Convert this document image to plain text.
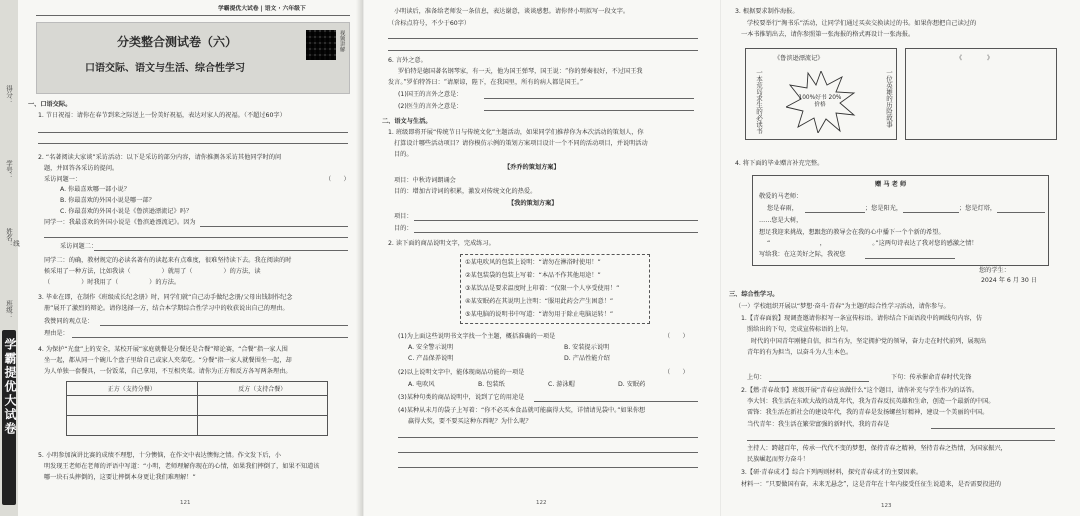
得分：
学号：
姓名：
班级：
线
学霸提优大试卷
学霸提优大试卷 | 语文 · 六年级下
分类整合测试卷（六）
口语交际、语文与生活、综合性学习
视频讲解
一、口语交际。
1. 节日祝福：请你在春节到来之际送上一份美好祝福，表达对家人的祝福。（不超过60字）
2. “名著阅读大家谈”采访活动：以下是采访的部分内容，请你推测各采访其他同学时的问
题，并回答各采访的提问。
采访问题一：	（　　）
A. 你最喜欢哪一部小说？
B. 你最喜欢的外国小说是哪一部？
C. 你最喜欢的外国小说是《鲁滨逊漂流记》吗？
同学一：我最喜欢的外国小说是《鲁滨逊漂流记》。因为
采访问题二：
同学二：的确，教材规定的必读名著有的读起来有点难度，很难坚持读下去。我在阅读的时
候采用了一种方法，比如我读（　　　　　）就用了（　　　　　）的方法，读
（　　　　　）时我用了（　　　　　）的方法。
3. 毕业在即，在制作《班级成长纪念册》时，同学们就“自己动手做纪念册/父母出钱制作纪念
册”展开了激烈的辩论。请你选择一方，结合本学期综合性学习中的收获说出自己的理由。
我赞同的观点是：
理由是：
4. 为保护“光盘”上的安全，某校开展“家庭就餐是分餐还是合餐”辩论赛，“合餐”指一家人围
坐一起，都从同一个碗儿个盘子里给自己或家人夹菜吃。“分餐”指一家人就餐围坐一起，却
为人单独一套餐具，一份饭菜，自己拿用，不互相夹菜。请你为正方和反方各写两条理由。
正方（支持分餐）	反方（支持合餐）

5. 小明参加演讲比赛的成绩不理想，十分懊恼，在作文中表达懊悔之情。作文发下后，小
明发现王老师在老师的评语中写道：“小明，老师理解你现在的心情，如果我们摔倒了，如果不知道该
哪一块石头摔倒的，这要让摔倒本身更让我们难理解！”
121
小明读后，准备给老师发一条信息，表达谢意，谈谈感想。请你替小明拟写一段文字。
（含标点符号，不少于60字）
6. 言外之意。
罗伯特是德国著名钢琴家，有一天，他为国王弹琴，国王说：“你的弹奏很好，不过国王我
发言。”罗伯特答曰：“请原谅，陛下，在我国里，所有的病人都是国王。”
(1)国王的言外之意是：
(2)医生的言外之意是：
二、语文与生活。
1. 班级即将开展“传统节日与传统文化”主题活动，如果同学们推荐你为本次活动的策划人，你
打算设计哪些活动项目？请你模仿示例的策划方案项目设计一个不同的活动项目，并说明活动
目的。
【乔乔的策划方案】
项目：中秋诗词朗诵会
目的：增加古诗词的积累，激发对传统文化的热爱。
【我的策划方案】
项目：
目的：
2. 读下面的商品说明文字，完成练习。
①某电吹风的包装上说明：“请勿在淋浴时使用！”
②某包装袋的包装上写着：“本品不作其他用途！”
③某饮品是要求温度时上印着：“仅限一个人享受使用！”
④某安眠药在其说明上注明：“服用此药会产生困意！”
⑤某电脑的说明书中写道：“请勿用于除止电脑运转！”
(1)为上面这些说明书文字找一个主题，概括准确的一项是	（　　）
A. 安全警示说明	B. 安装提示说明
C. 产品保养说明	D. 产品性能介绍
(2)以上说明文字中，能体现商品功能的一项是	（　　）
A. 电吹风	B. 包装纸	C. 游泳帽	D. 安眠药
(3)某种句类的商品说明中，说到了它的用途是
(4)某种从未月的袋子上写着：“你不必买本食品就可能赢得大奖，详情请见袋中。”如果你想
赢得大奖，要不要买这种东西呢？为什么呢？
122
3. 根据要求制作海报。
学校要举行“淘书乐”活动，让同学们通过买卖交换读过的书。如果你想把自己读过的
一本书推销出去，请你参照第一张海报的格式再设计一张海报。
《鲁滨逊漂流记》
一本荒岛求生的必读书	100%好书 20%价格	一位英雄的历险故事
《　　　　》
4. 将下面的毕业赠言补充完整。
赠 马 老 师
敬爱的马老师：
您是春雨，	；您是阳光，	；您是灯塔，
……您是大树，
想足我迎来挑战，想跟您的教导会在我的心中播下一个个新的希望。
“　　　　　　　　，　　　　　　　　。”这两句诗表达了我对您的感激之情！
写给我：在这美好之际，我祝您
您的学生：
2024 年 6 月 30 日
三、综合性学习。
（一）学校组织开展以“梦想·奋斗·青春”为主题的综合性学习活动，请你参与。
1.【青春面貌】现调查邀请你拟写一条宣传标语。请你结合下面语段中的画线句内容，仿
照给出的下句，完成宣传标语的上句。
时代的中国青年刚健自信，担当有为，坚定拥护党的领导，奋力走在时代前列，展现出
青年的有为担当，以奋斗为人生本色。
上句：	下句：传承催命青春时代先锋
2.【燃·青春故事】班级开展“青春应该做什么”这个题目，请你补充与学生作为的话答。
李大钊：我生活在东欧大战的动乱年代，我为青春反抗英雄和生命，创造一个最新的中国。
雷锋：我生活在新社会的建设年代，我的青春是发扬螺丝钉精神，建设一个美丽的中国。
当代青年：我生活在繁荣富强的新时代，我的青春是
主持人：跨越百年，传承一代代不变的梦想，保持青春之精神，坚持青春之热情，为国家振兴，
民族崛起而努力奋斗！
3.【研·青春成才】综合下列两则材料，探究青春成才的主要因素。
材料一：“只要做国有奋，未来无悬念”，这是青年在十年内接受任征生说道来，是否需要投进的
123
